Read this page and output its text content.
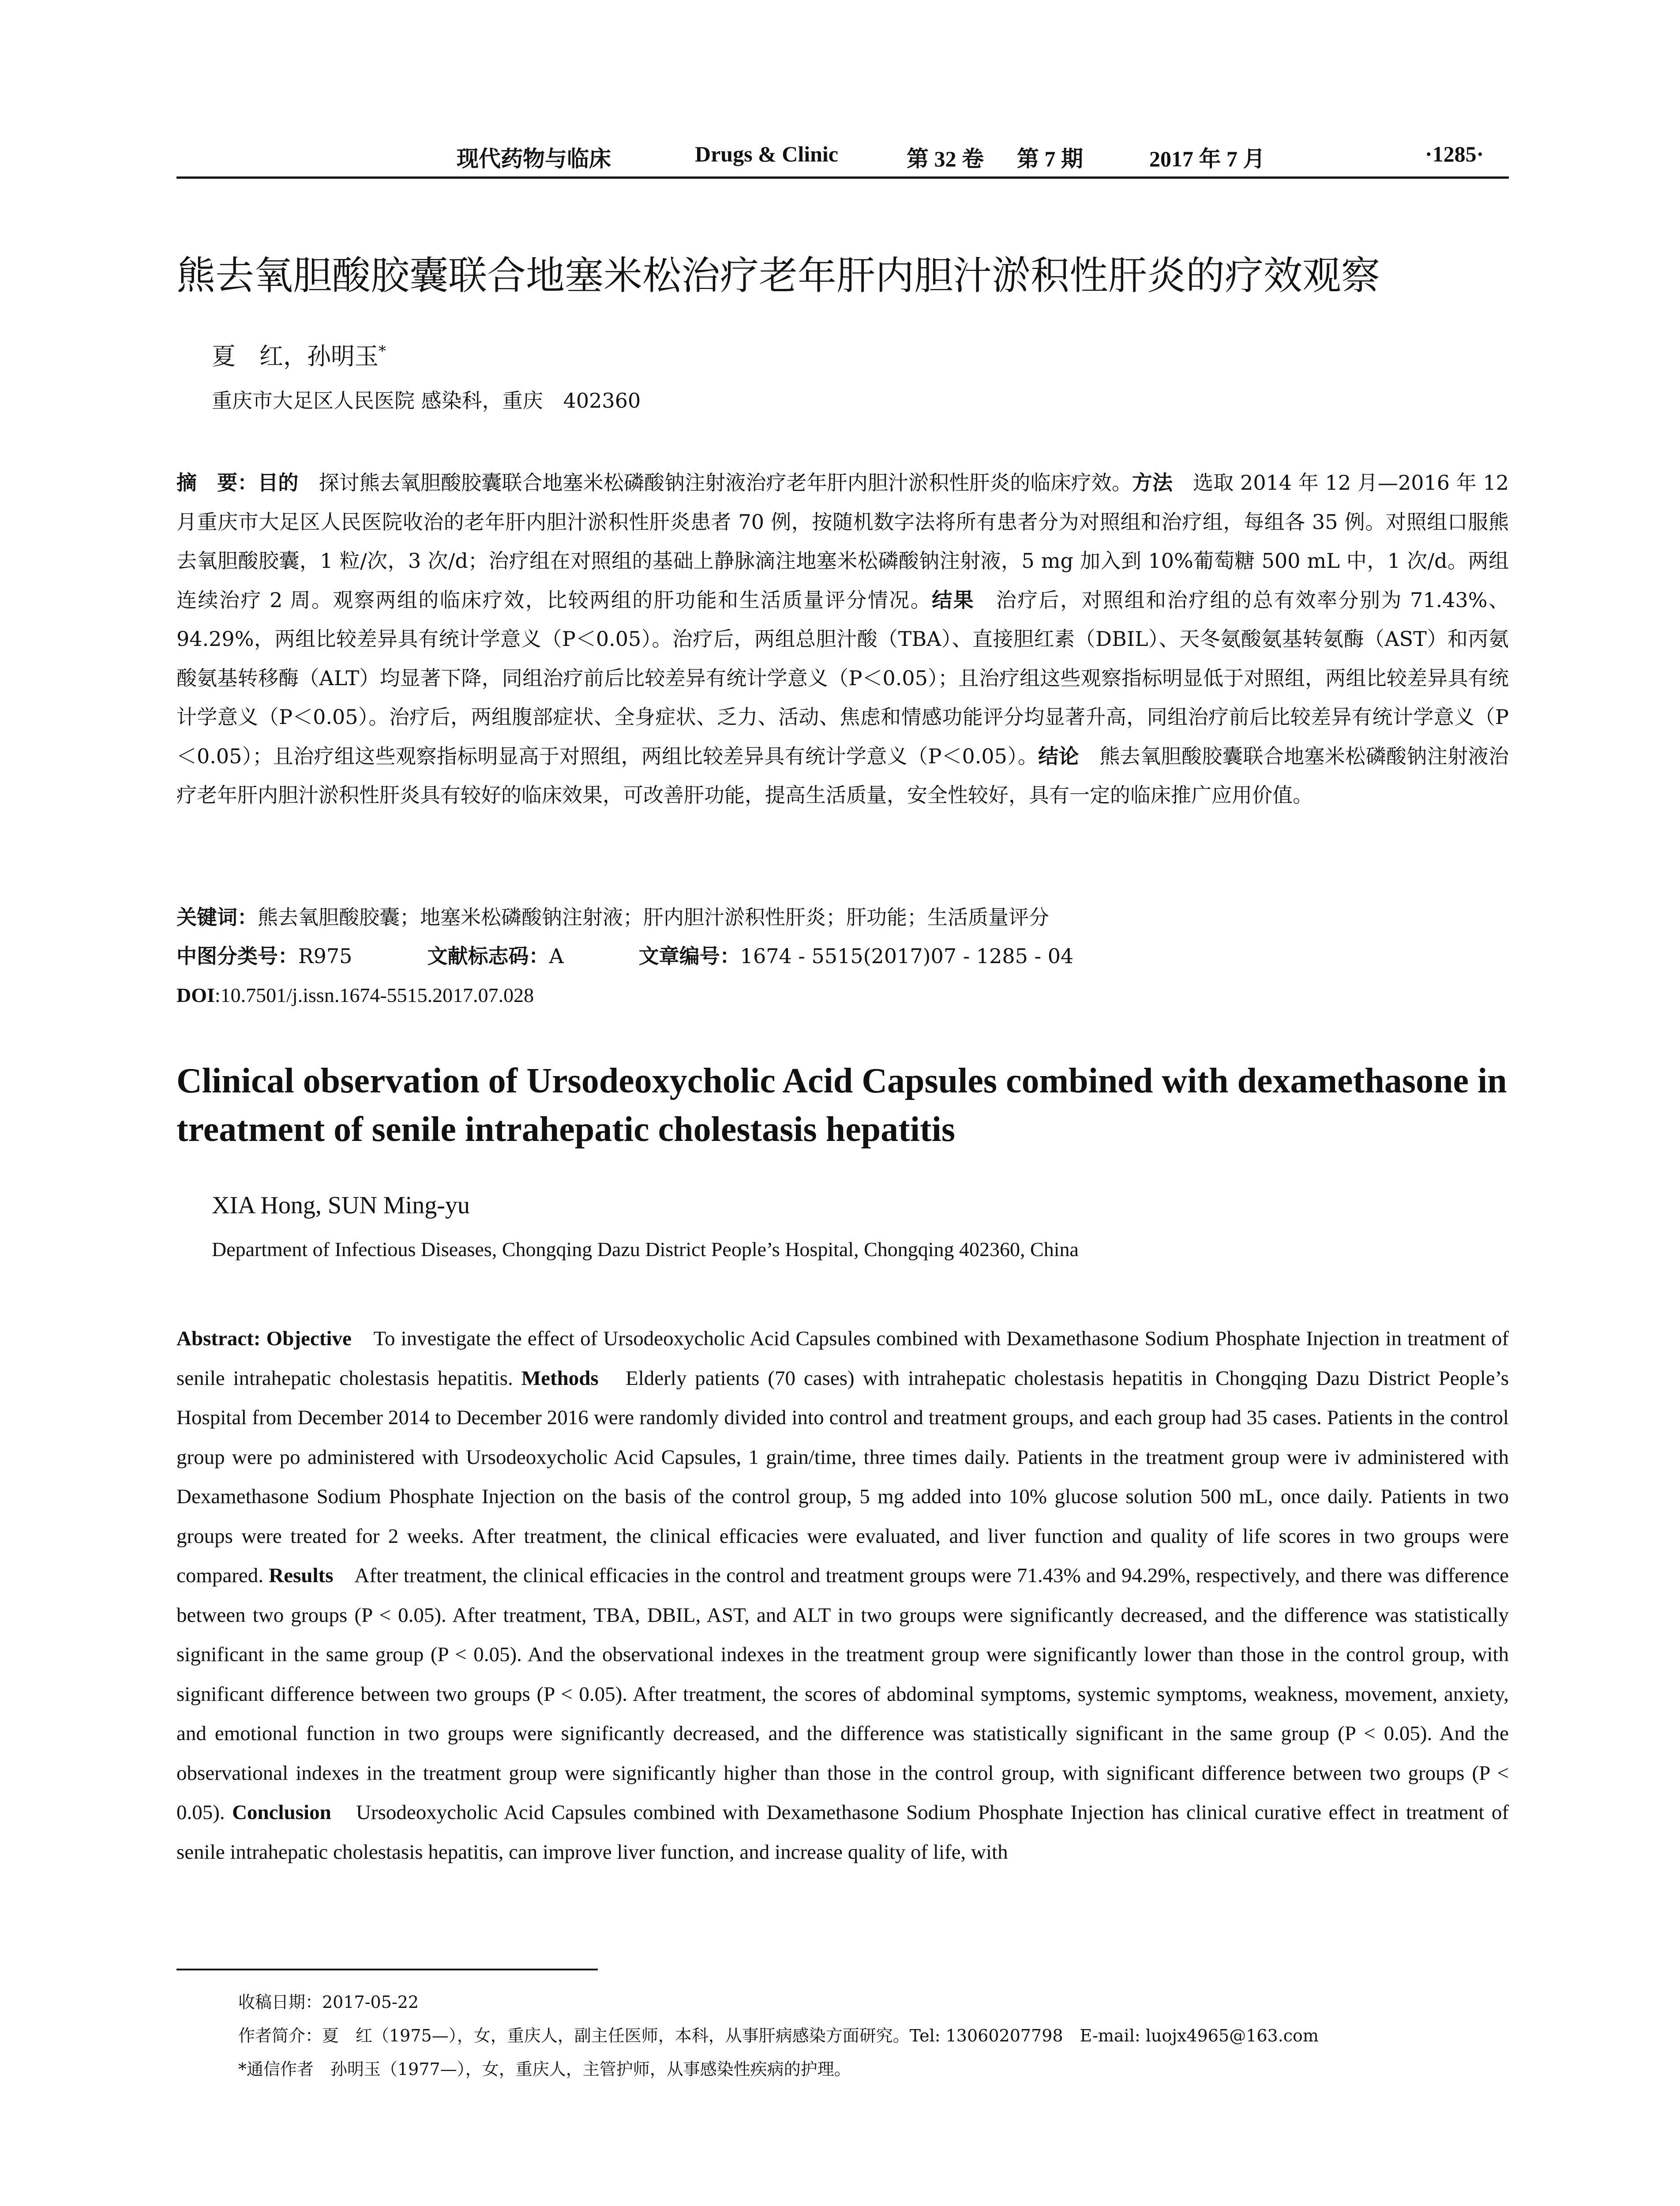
现代药物与临床	Drugs & Clinic	第 32 卷 第 7 期	2017 年 7 月	·1285·
熊去氧胆酸胶囊联合地塞米松治疗老年肝内胆汁淤积性肝炎的疗效观察
夏　红，孙明玉*
重庆市大足区人民医院 感染科，重庆　402360
摘　要：目的　探讨熊去氧胆酸胶囊联合地塞米松磷酸钠注射液治疗老年肝内胆汁淤积性肝炎的临床疗效。方法　选取 2014 年 12 月—2016 年 12 月重庆市大足区人民医院收治的老年肝内胆汁淤积性肝炎患者 70 例，按随机数字法将所有患者分为对照组和治疗组，每组各 35 例。对照组口服熊去氧胆酸胶囊，1 粒/次，3 次/d；治疗组在对照组的基础上静脉滴注地塞米松磷酸钠注射液，5 mg 加入到 10%葡萄糖 500 mL 中，1 次/d。两组连续治疗 2 周。观察两组的临床疗效，比较两组的肝功能和生活质量评分情况。结果　治疗后，对照组和治疗组的总有效率分别为 71.43%、94.29%，两组比较差异具有统计学意义（P＜0.05）。治疗后，两组总胆汁酸（TBA）、直接胆红素（DBIL）、天冬氨酸氨基转氨酶（AST）和丙氨酸氨基转移酶（ALT）均显著下降，同组治疗前后比较差异有统计学意义（P＜0.05）；且治疗组这些观察指标明显低于对照组，两组比较差异具有统计学意义（P＜0.05）。治疗后，两组腹部症状、全身症状、乏力、活动、焦虑和情感功能评分均显著升高，同组治疗前后比较差异有统计学意义（P＜0.05）；且治疗组这些观察指标明显高于对照组，两组比较差异具有统计学意义（P＜0.05）。结论　熊去氧胆酸胶囊联合地塞米松磷酸钠注射液治疗老年肝内胆汁淤积性肝炎具有较好的临床效果，可改善肝功能，提高生活质量，安全性较好，具有一定的临床推广应用价值。
关键词：熊去氧胆酸胶囊；地塞米松磷酸钠注射液；肝内胆汁淤积性肝炎；肝功能；生活质量评分
中图分类号：R975	文献标志码：A	文章编号：1674 - 5515(2017)07 - 1285 - 04
DOI:10.7501/j.issn.1674-5515.2017.07.028
Clinical observation of Ursodeoxycholic Acid Capsules combined with dexamethasone in treatment of senile intrahepatic cholestasis hepatitis
XIA Hong, SUN Ming-yu
Department of Infectious Diseases, Chongqing Dazu District People’s Hospital, Chongqing 402360, China
Abstract: Objective　To investigate the effect of Ursodeoxycholic Acid Capsules combined with Dexamethasone Sodium Phosphate Injection in treatment of senile intrahepatic cholestasis hepatitis. Methods　Elderly patients (70 cases) with intrahepatic cholestasis hepatitis in Chongqing Dazu District People’s Hospital from December 2014 to December 2016 were randomly divided into control and treatment groups, and each group had 35 cases. Patients in the control group were po administered with Ursodeoxycholic Acid Capsules, 1 grain/time, three times daily. Patients in the treatment group were iv administered with Dexamethasone Sodium Phosphate Injection on the basis of the control group, 5 mg added into 10% glucose solution 500 mL, once daily. Patients in two groups were treated for 2 weeks. After treatment, the clinical efficacies were evaluated, and liver function and quality of life scores in two groups were compared. Results　After treatment, the clinical efficacies in the control and treatment groups were 71.43% and 94.29%, respectively, and there was difference between two groups (P < 0.05). After treatment, TBA, DBIL, AST, and ALT in two groups were significantly decreased, and the difference was statistically significant in the same group (P < 0.05). And the observational indexes in the treatment group were significantly lower than those in the control group, with significant difference between two groups (P < 0.05). After treatment, the scores of abdominal symptoms, systemic symptoms, weakness, movement, anxiety, and emotional function in two groups were significantly decreased, and the difference was statistically significant in the same group (P < 0.05). And the observational indexes in the treatment group were significantly higher than those in the control group, with significant difference between two groups (P < 0.05). Conclusion　Ursodeoxycholic Acid Capsules combined with Dexamethasone Sodium Phosphate Injection has clinical curative effect in treatment of senile intrahepatic cholestasis hepatitis, can improve liver function, and increase quality of life, with
收稿日期：2017-05-22
作者简介：夏　红（1975—），女，重庆人，副主任医师，本科，从事肝病感染方面研究。Tel: 13060207798　E-mail: luojx4965@163.com
*通信作者　孙明玉（1977—），女，重庆人，主管护师，从事感染性疾病的护理。
